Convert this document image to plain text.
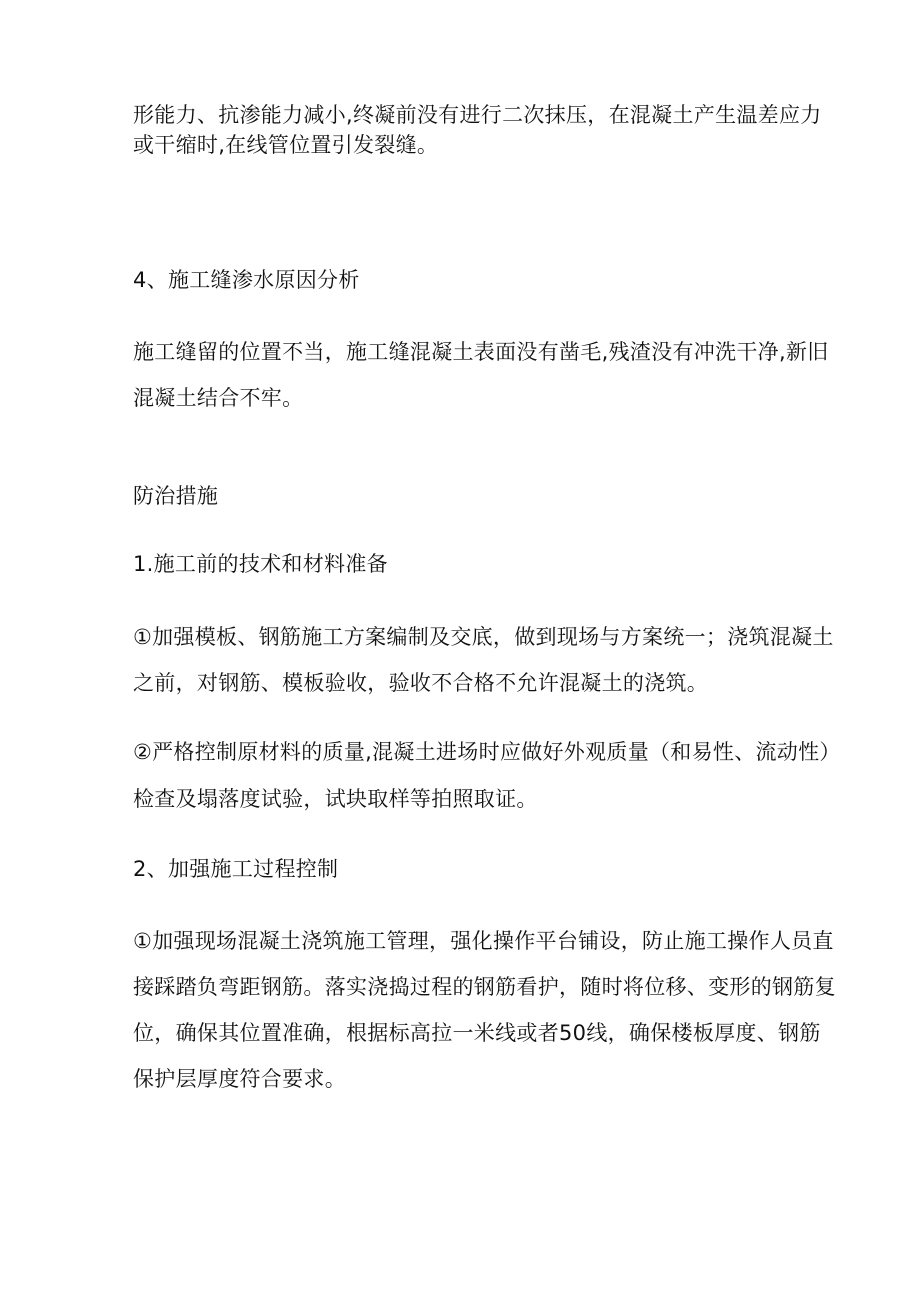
形能力、抗渗能力减小,终凝前没有进行二次抹压，在混凝土产生温差应力
或干缩时,在线管位置引发裂缝。
4、施工缝渗水原因分析
施工缝留的位置不当，施工缝混凝土表面没有凿毛,残渣没有冲洗干净,新旧
混凝土结合不牢。
防治措施
1.施工前的技术和材料准备
①加强模板、钢筋施工方案编制及交底，做到现场与方案统一；浇筑混凝土
之前，对钢筋、模板验收，验收不合格不允许混凝土的浇筑。
②严格控制原材料的质量,混凝土进场时应做好外观质量（和易性、流动性）
检查及塌落度试验，试块取样等拍照取证。
2、加强施工过程控制
①加强现场混凝土浇筑施工管理，强化操作平台铺设，防止施工操作人员直
接踩踏负弯距钢筋。落实浇捣过程的钢筋看护，随时将位移、变形的钢筋复
位，确保其位置准确，根据标高拉一米线或者50线，确保楼板厚度、钢筋
保护层厚度符合要求。
